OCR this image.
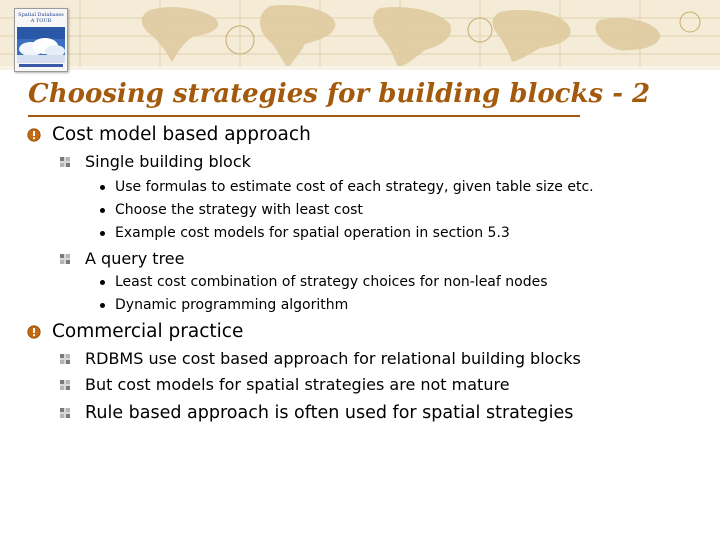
Spatial Databases A TOUR
Choosing strategies for building blocks - 2
Cost model based approach
Single building block
Use formulas to estimate cost of each strategy, given table size etc.
Choose the strategy with least cost
Example cost models for spatial operation in section 5.3
A query tree
Least cost combination of strategy choices for non-leaf nodes
Dynamic programming algorithm
Commercial practice
RDBMS use cost based approach for relational building blocks
But cost models for spatial strategies are not mature
Rule based approach is often used for spatial strategies
